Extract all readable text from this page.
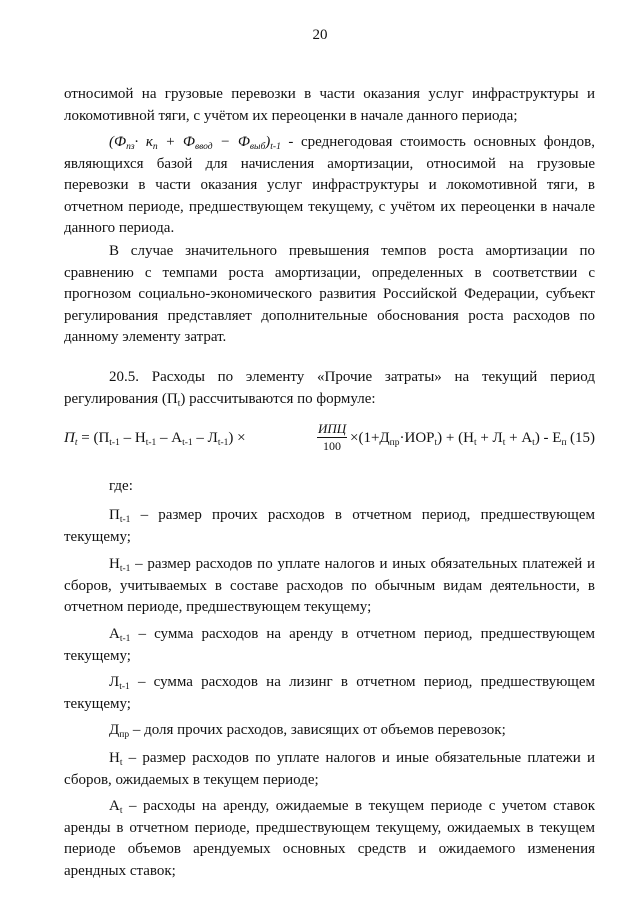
20

относимой на грузовые перевозки в части оказания услуг инфраструктуры и локомотивной тяги, с учётом их переоценки в начале данного периода;

$(Ф_{пз}\cdot к_п + Ф_{ввод} - Ф_{выб})_{t-1}$ - среднегодовая стоимость основных фондов, являющихся базой для начисления амортизации, относимой на грузовые перевозки в части оказания услуг инфраструктуры и локомотивной тяги, в отчетном периоде, предшествующем текущему, с учётом их переоценки в начале данного периода.

В случае значительного превышения темпов роста амортизации по сравнению с темпами роста амортизации, определенных в соответствии с прогнозом социально-экономического развития Российской Федерации, субъект регулирования представляет дополнительные обоснования роста расходов по данному элементу затрат.

20.5. Расходы по элементу «Прочие затраты» на текущий период регулирования $(П_t)$ рассчитываются по формуле:

$П_t = (П_{t-1} - Н_{t-1} - А_{t-1} - Л_{t-1})$ ×
ИПЦ
$100 \times(1+Д_{пр}\cdot ИОР_t) + (Н_t + Л_t + А_t) - Е_п$ (15)

где:

$П_{t-1}$ – размер прочих расходов в отчетном период, предшествующем текущему;

$Н_{t-1}$ – размер расходов по уплате налогов и иных обязательных платежей и сборов, учитываемых в составе расходов по обычным видам деятельности, в отчетном периоде, предшествующем текущему;

$А_{t-1}$ – сумма расходов на аренду в отчетном период, предшествующем текущему;

$Л_{t-1}$ – сумма расходов на лизинг в отчетном период, предшествующем текущему;

$Д_{пр}$ – доля прочих расходов, зависящих от объемов перевозок;

$Н_t$ – размер расходов по уплате налогов и иные обязательные платежи и сборов, ожидаемых в текущем периоде;

$А_t$ – расходы на аренду, ожидаемые в текущем периоде с учетом ставок аренды в отчетном периоде, предшествующем текущему, ожидаемых в текущем периоде объемов арендуемых основных средств и ожидаемого изменения арендных ставок;
